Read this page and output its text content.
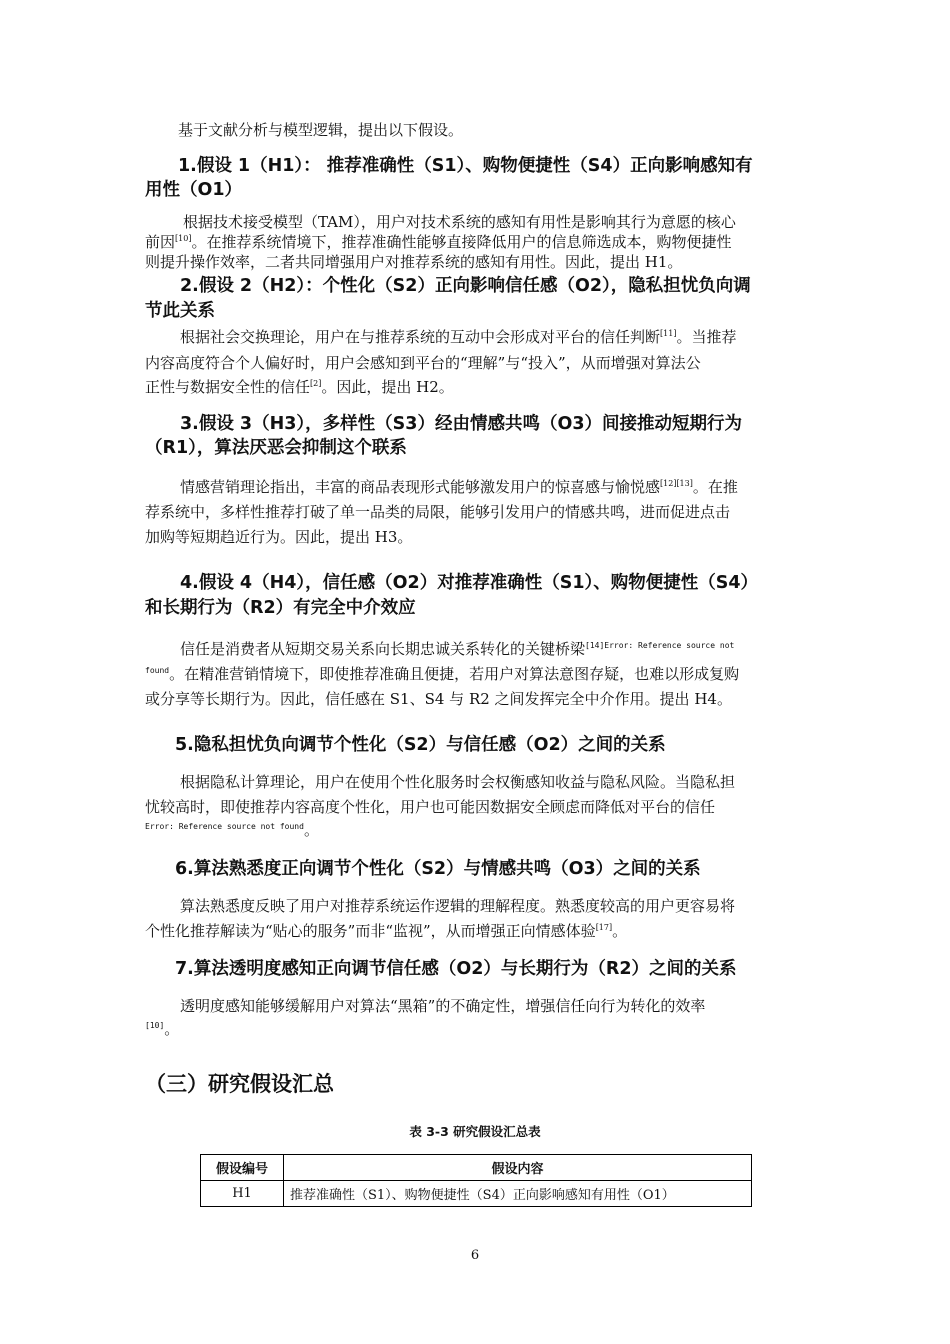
基于文献分析与模型逻辑，提出以下假设。
1.假设 1（H1）： 推荐准确性（S1）、购物便捷性（S4）正向影响感知有
用性（O1）
根据技术接受模型（TAM），用户对技术系统的感知有用性是影响其行为意愿的核心
前因[10]。在推荐系统情境下，推荐准确性能够直接降低用户的信息筛选成本，购物便捷性
则提升操作效率，二者共同增强用户对推荐系统的感知有用性。因此，提出 H1。
2.假设 2（H2）：个性化（S2）正向影响信任感（O2），隐私担忧负向调
节此关系
根据社会交换理论，用户在与推荐系统的互动中会形成对平台的信任判断[11]。当推荐
内容高度符合个人偏好时，用户会感知到平台的“理解”与“投入”，从而增强对算法公
正性与数据安全性的信任[2]。因此，提出 H2。
3.假设 3（H3），多样性（S3）经由情感共鸣（O3）间接推动短期行为
（R1），算法厌恶会抑制这个联系
情感营销理论指出，丰富的商品表现形式能够激发用户的惊喜感与愉悦感[12][13]。在推
荐系统中，多样性推荐打破了单一品类的局限，能够引发用户的情感共鸣，进而促进点击
加购等短期趋近行为。因此，提出 H3。
4.假设 4（H4），信任感（O2）对推荐准确性（S1）、购物便捷性（S4）
和长期行为（R2）有完全中介效应
信任是消费者从短期交易关系向长期忠诚关系转化的关键桥梁$^{[14]Error: Reference source not}$
$^{found}$。在精准营销情境下，即使推荐准确且便捷，若用户对算法意图存疑，也难以形成复购
或分享等长期行为。因此，信任感在 S1、S4 与 R2 之间发挥完全中介作用。提出 H4。
5.隐私担忧负向调节个性化（S2）与信任感（O2）之间的关系
根据隐私计算理论，用户在使用个性化服务时会权衡感知收益与隐私风险。当隐私担
忧较高时，即使推荐内容高度个性化，用户也可能因数据安全顾虑而降低对平台的信任
$^{Error: Reference source not found}$。
6.算法熟悉度正向调节个性化（S2）与情感共鸣（O3）之间的关系
算法熟悉度反映了用户对推荐系统运作逻辑的理解程度。熟悉度较高的用户更容易将
个性化推荐解读为“贴心的服务”而非“监视”，从而增强正向情感体验[17]。
7.算法透明度感知正向调节信任感（O2）与长期行为（R2）之间的关系
透明度感知能够缓解用户对算法“黑箱”的不确定性，增强信任向行为转化的效率
[10]。
（三）研究假设汇总
表 3-3 研究假设汇总表
假设编号	假设内容
H1	推荐准确性（S1）、购物便捷性（S4）正向影响感知有用性（O1）
6
